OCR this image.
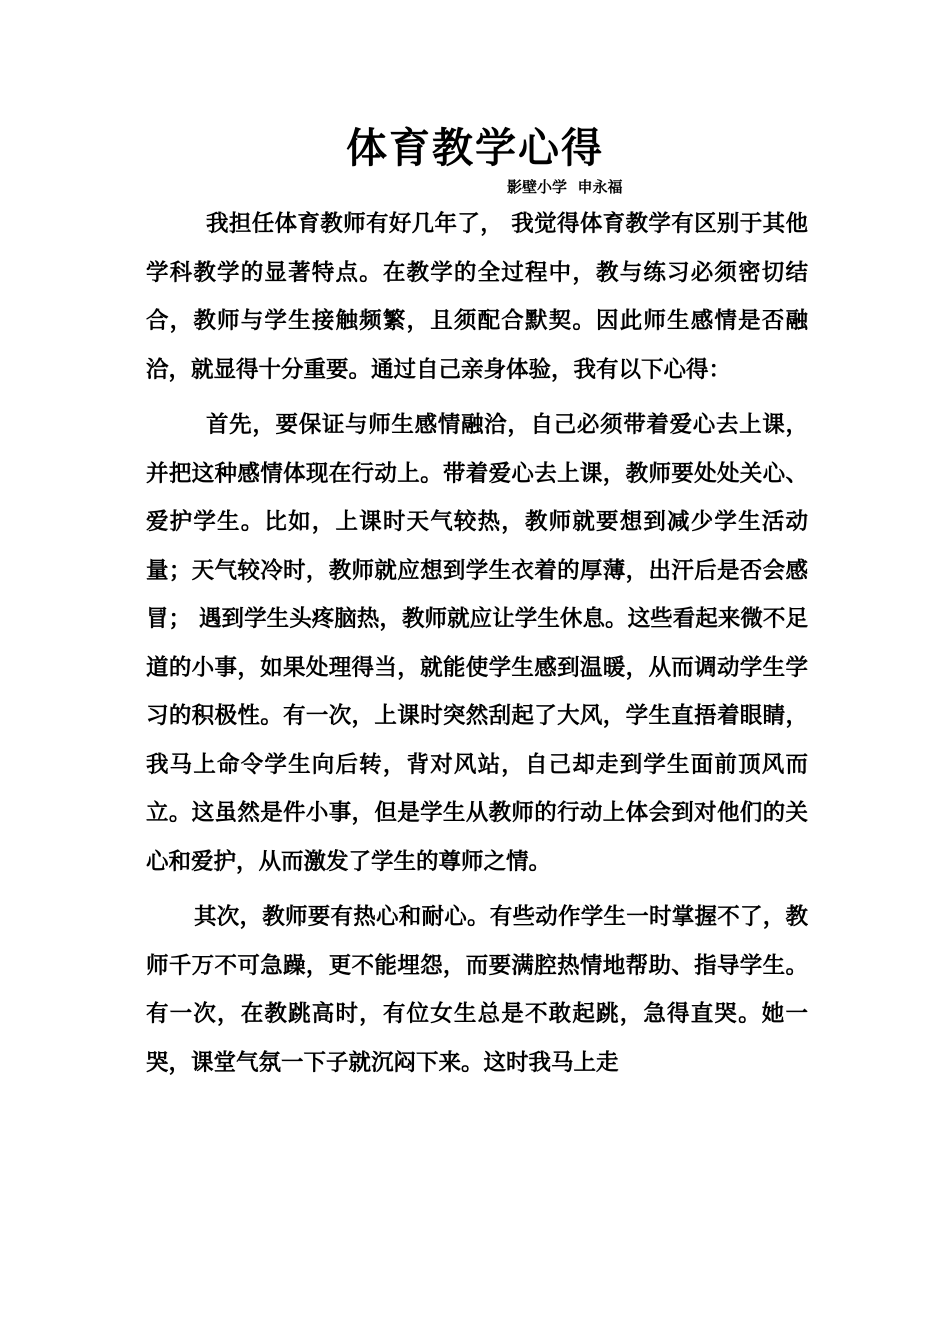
体育教学心得
影壁小学  申永福

我担任体育教师有好几年了， 我觉得体育教学有区别于其他学科教学的显著特点。在教学的全过程中，教与练习必须密切结合，教师与学生接触频繁，且须配合默契。因此师生感情是否融洽，就显得十分重要。通过自己亲身体验，我有以下心得：

首先，要保证与师生感情融洽，自己必须带着爱心去上课，并把这种感情体现在行动上。带着爱心去上课，教师要处处关心、爱护学生。比如，上课时天气较热，教师就要想到减少学生活动量；天气较冷时，教师就应想到学生衣着的厚薄，出汗后是否会感冒； 遇到学生头疼脑热，教师就应让学生休息。这些看起来微不足道的小事，如果处理得当，就能使学生感到温暖，从而调动学生学习的积极性。有一次，上课时突然刮起了大风，学生直捂着眼睛，我马上命令学生向后转，背对风站，自己却走到学生面前顶风而立。这虽然是件小事，但是学生从教师的行动上体会到对他们的关心和爱护，从而激发了学生的尊师之情。

其次，教师要有热心和耐心。有些动作学生一时掌握不了，教师千万不可急躁，更不能埋怨，而要满腔热情地帮助、指导学生。有一次，在教跳高时，有位女生总是不敢起跳，急得直哭。她一哭，课堂气氛一下子就沉闷下来。这时我马上走
